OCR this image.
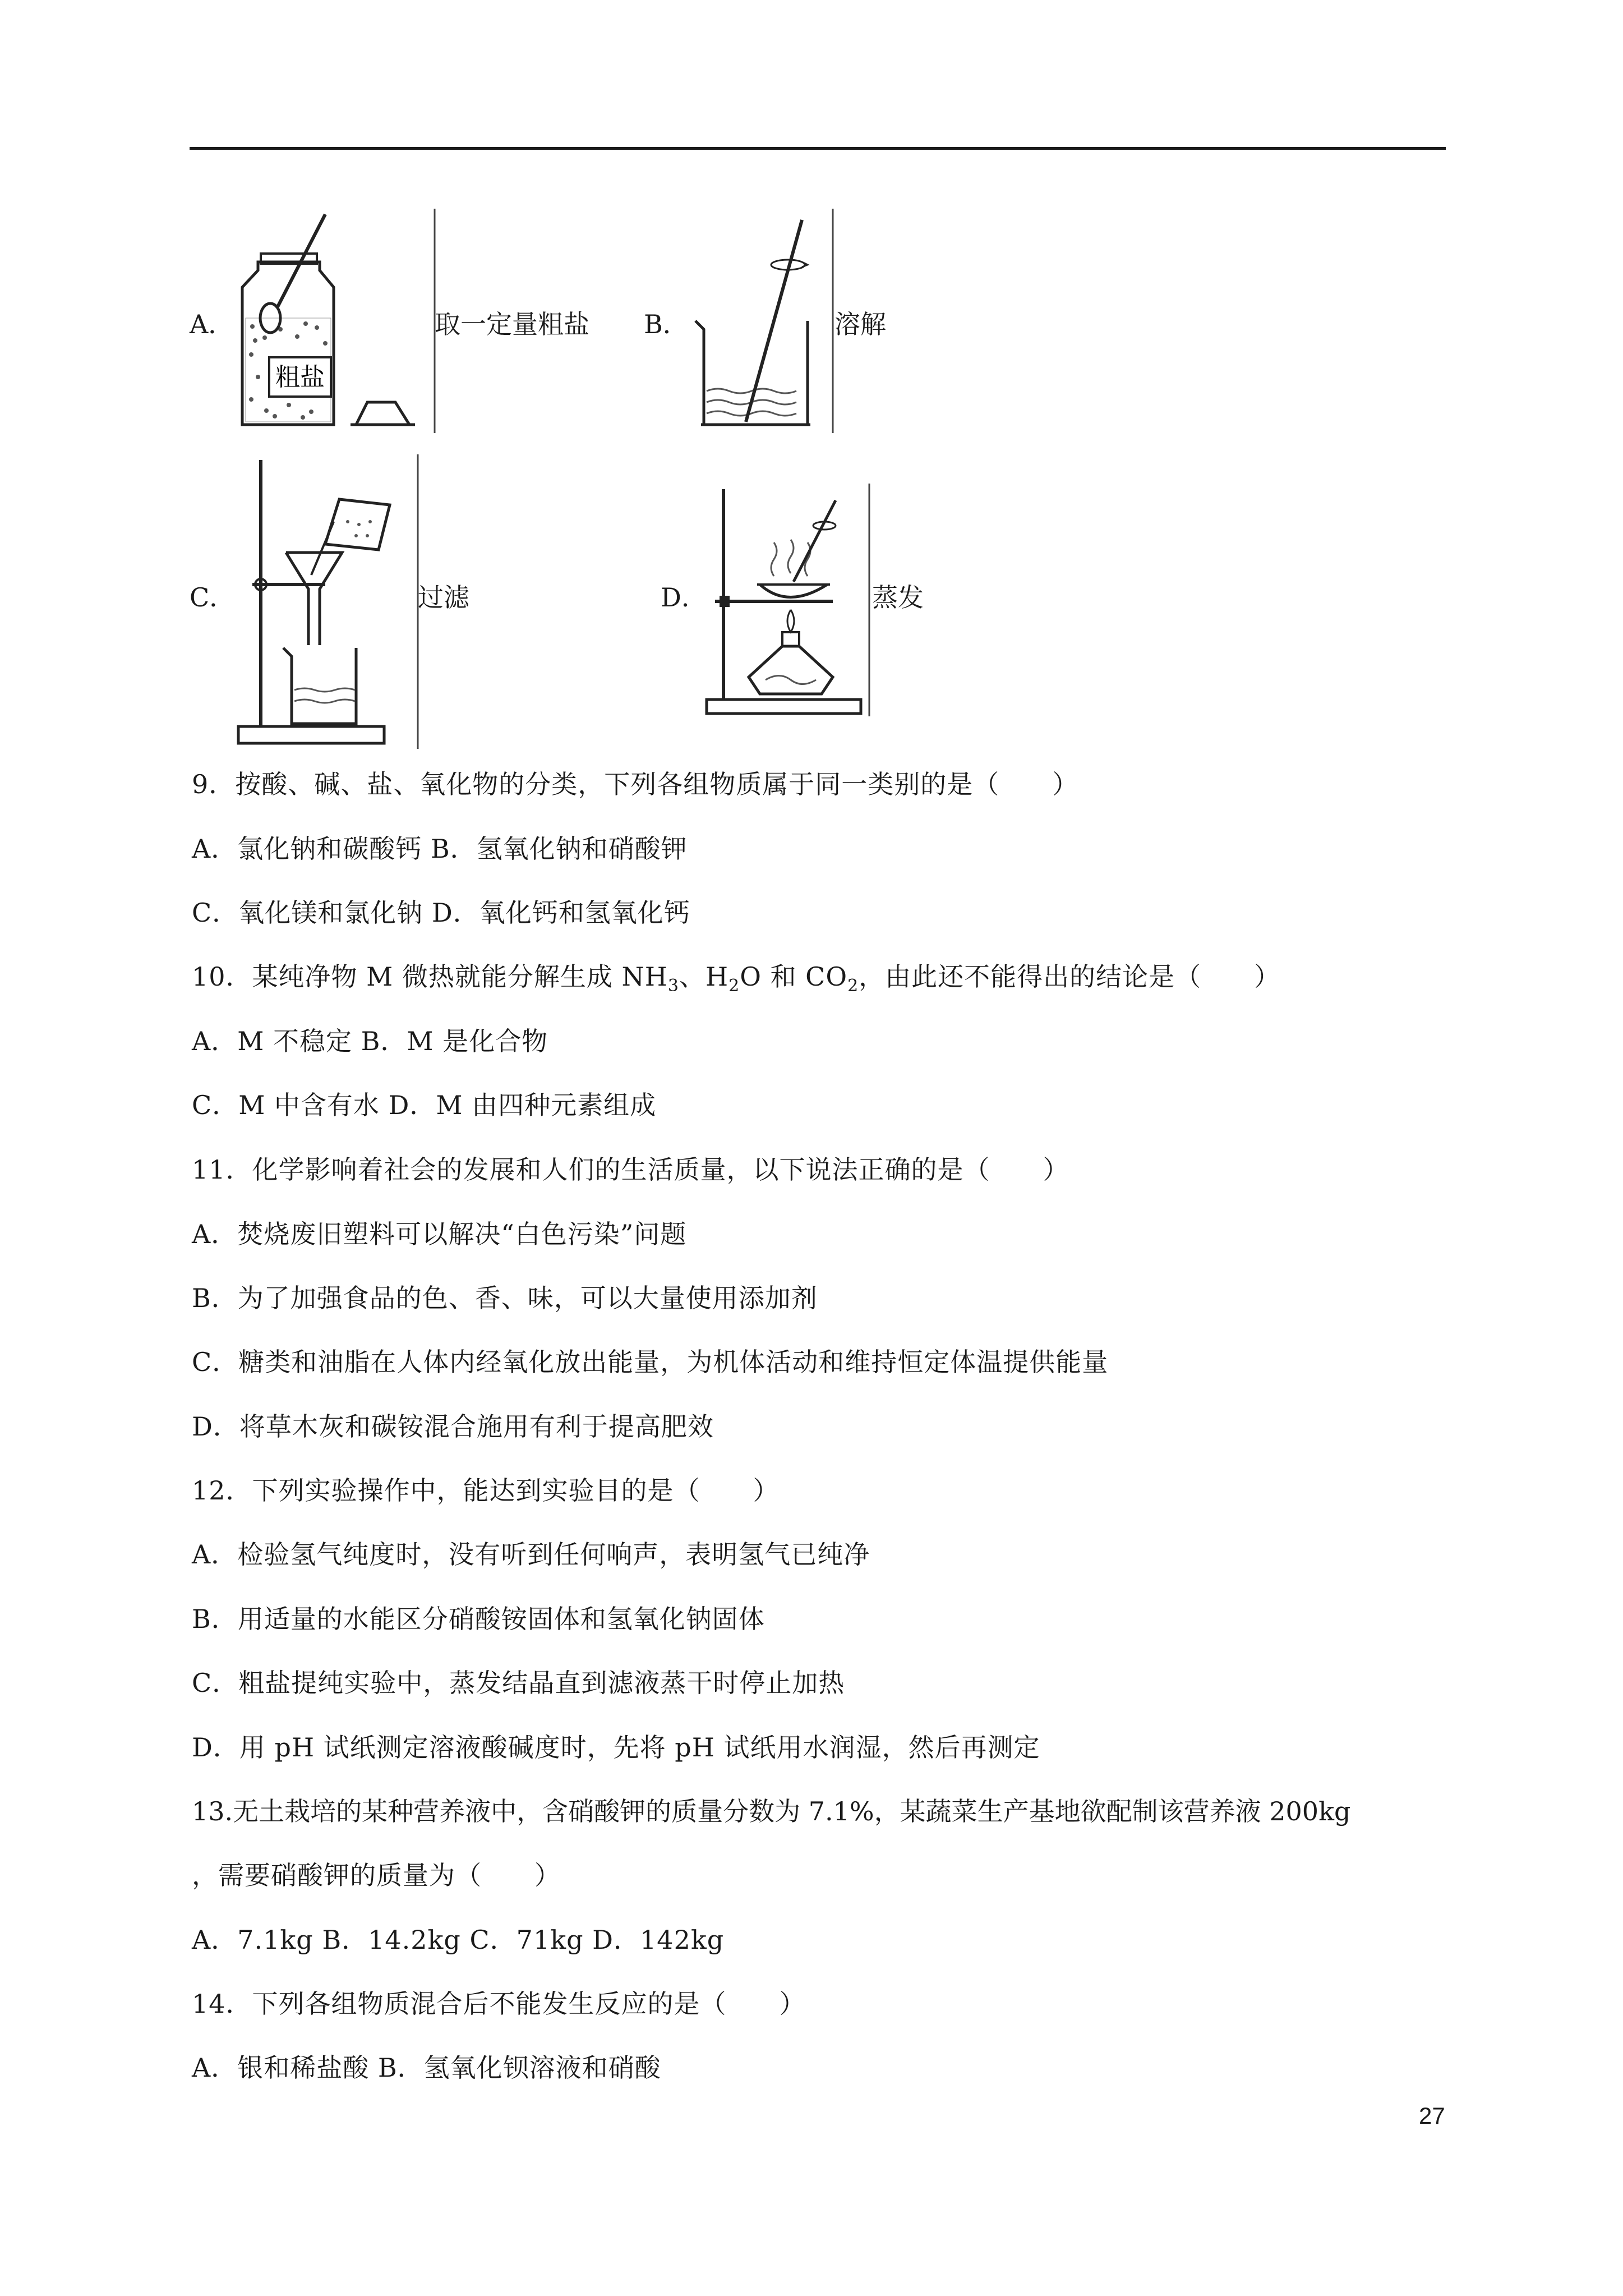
A．
粗盐
取一定量粗盐 B．	溶解
C．	过滤	D．	蒸发
9．按酸、碱、盐、氧化物的分类，下列各组物质属于同一类别的是（　　）
A．氯化钠和碳酸钙 B．氢氧化钠和硝酸钾
C．氧化镁和氯化钠 D．氧化钙和氢氧化钙
10．某纯净物 M 微热就能分解生成 $NH_3$、$H_2O$ 和 $CO_2$，由此还不能得出的结论是（　　）
A．M 不稳定 B．M 是化合物
C．M 中含有水 D．M 由四种元素组成
11．化学影响着社会的发展和人们的生活质量，以下说法正确的是（　　）
A．焚烧废旧塑料可以解决“白色污染”问题
B．为了加强食品的色、香、味，可以大量使用添加剂
C．糖类和油脂在人体内经氧化放出能量，为机体活动和维持恒定体温提供能量
D．将草木灰和碳铵混合施用有利于提高肥效
12．下列实验操作中，能达到实验目的是（　　）
A．检验氢气纯度时，没有听到任何响声，表明氢气已纯净
B．用适量的水能区分硝酸铵固体和氢氧化钠固体
C．粗盐提纯实验中，蒸发结晶直到滤液蒸干时停止加热
D．用 pH 试纸测定溶液酸碱度时，先将 pH 试纸用水润湿，然后再测定
13.无土栽培的某种营养液中，含硝酸钾的质量分数为 7.1%，某蔬菜生产基地欲配制该营养液 200kg
，需要硝酸钾的质量为（　　）
A．7.1kg B．14.2kg C．71kg D．142kg
14．下列各组物质混合后不能发生反应的是（　　）
A．银和稀盐酸 B．氢氧化钡溶液和硝酸
27
